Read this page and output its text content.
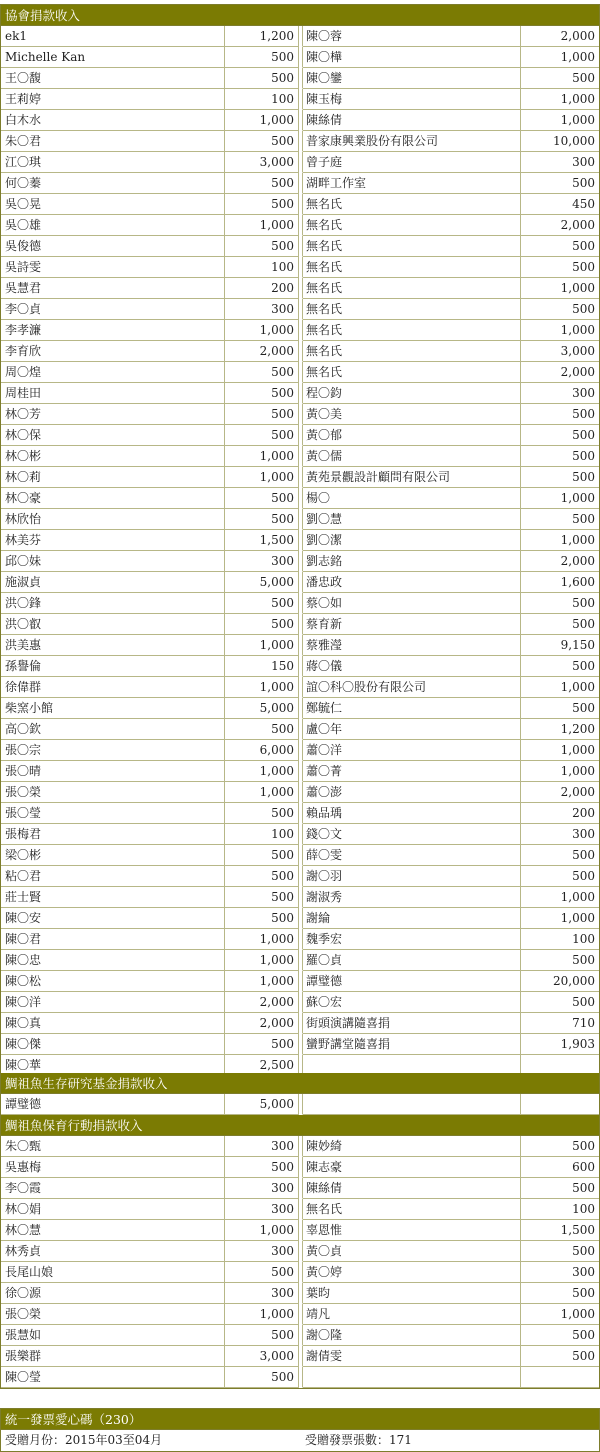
協會捐款收入
ek1	1,200	陳〇蓉	2,000
Michelle Kan	500	陳〇樺	1,000
王〇馥	500	陳〇鑾	500
王莉婷	100	陳玉梅	1,000
白木水	1,000	陳絲倩	1,000
朱〇君	500	普家康興業股份有限公司	10,000
江〇琪	3,000	曾子庭	300
何〇蓁	500	湖畔工作室	500
吳〇晃	500	無名氏	450
吳〇雄	1,000	無名氏	2,000
吳俊德	500	無名氏	500
吳詩雯	100	無名氏	500
吳慧君	200	無名氏	1,000
李〇貞	300	無名氏	500
李孝濂	1,000	無名氏	1,000
李育欣	2,000	無名氏	3,000
周〇煌	500	無名氏	2,000
周桂田	500	程〇鈞	300
林〇芳	500	黃〇美	500
林〇保	500	黃〇郁	500
林〇彬	1,000	黃〇儒	500
林〇莉	1,000	黃苑景觀設計顧問有限公司	500
林〇豪	500	楊〇	1,000
林欣怡	500	劉〇慧	500
林美芬	1,500	劉〇潔	1,000
邱〇妹	300	劉志銘	2,000
施淑貞	5,000	潘忠政	1,600
洪〇鋒	500	蔡〇如	500
洪〇叡	500	蔡育新	500
洪美惠	1,000	蔡雅瀅	9,150
孫譽倫	150	蔣〇儀	500
徐偉群	1,000	誼〇科〇股份有限公司	1,000
柴窯小館	5,000	鄭毓仁	500
高〇欽	500	盧〇年	1,200
張〇宗	6,000	蕭〇洋	1,000
張〇晴	1,000	蕭〇菁	1,000
張〇榮	1,000	蕭〇澎	2,000
張〇瑩	500	賴品瑀	200
張梅君	100	錢〇文	300
梁〇彬	500	薛〇雯	500
粘〇君	500	謝〇羽	500
莊士賢	500	謝淑秀	1,000
陳〇安	500	謝綸	1,000
陳〇君	1,000	魏季宏	100
陳〇忠	1,000	羅〇貞	500
陳〇松	1,000	譚璧德	20,000
陳〇洋	2,000	蘇〇宏	500
陳〇真	2,000	街頭演講隨喜捐	710
陳〇傑	500	蠻野講堂隨喜捐	1,903
陳〇華	2,500
鯛祖魚生存研究基金捐款收入
譚璧德	5,000
鯛祖魚保育行動捐款收入
朱〇甄	300	陳妙綺	500
吳惠梅	500	陳志豪	600
李〇霞	300	陳絲倩	500
林〇娟	300	無名氏	100
林〇慧	1,000	辜恩惟	1,500
林秀貞	300	黃〇貞	500
長尾山娘	500	黃〇婷	300
徐〇源	300	葉昀	500
張〇榮	1,000	靖凡	1,000
張慧如	500	謝〇隆	500
張樂群	3,000	謝倩雯	500
陳〇瑩	500
統一發票愛心碼（230）
受贈月份：2015年03至04月	受贈發票張數：171
